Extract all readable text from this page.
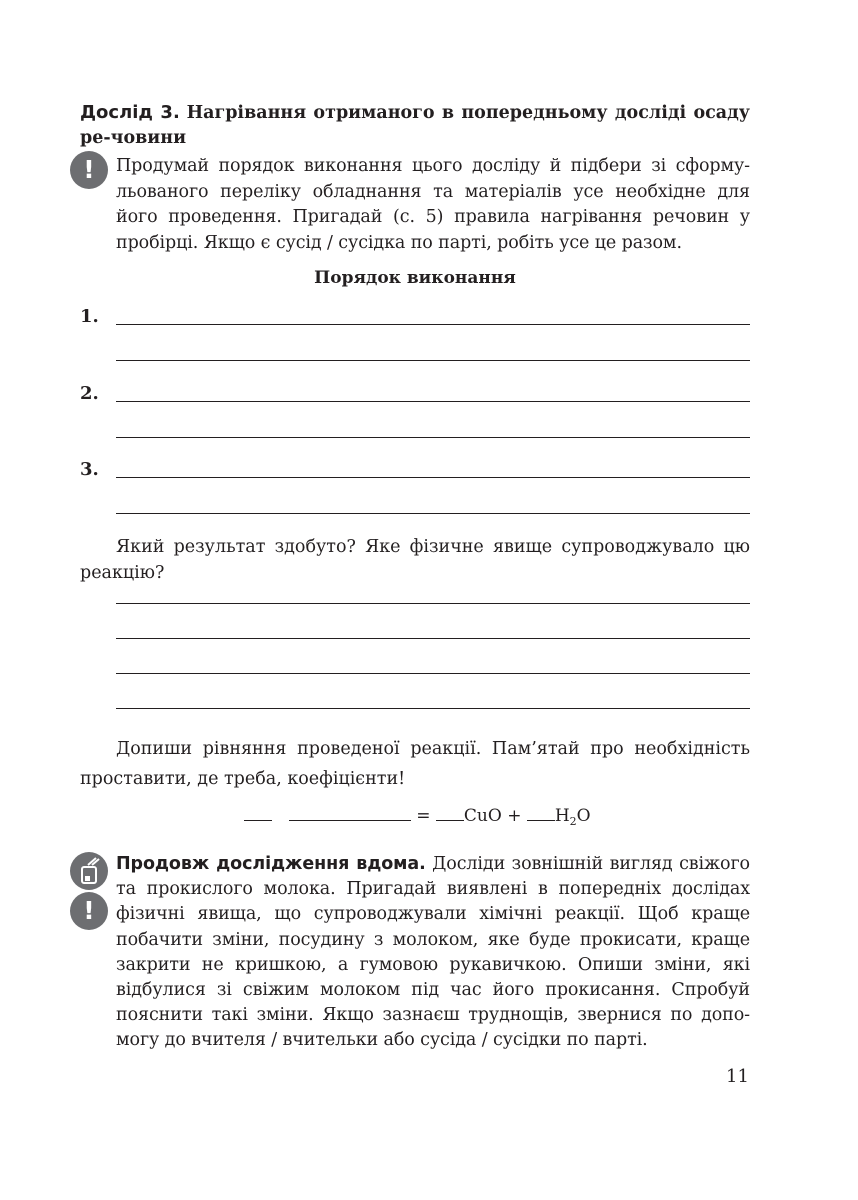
Дослід 3. Нагрівання отриманого в попередньому досліді осаду ре-човини
!	Продумай порядок виконання цього досліду й підбери зі сформу-льованого переліку обладнання та матеріалів усе необхідне для його проведення. Пригадай (с. 5) правила нагрівання речовин у пробірці. Якщо є сусід / сусідка по парті, робіть усе це разом.
Порядок виконання
1.
2.
3.
Який результат здобуто? Яке фізичне явище супроводжувало цю реакцію?
Допиши рівняння проведеної реакції. Пам’ятай про необхідність проставити, де треба, коефіцієнти!
= CuO + $H_2O$
!
Продовж дослідження вдома. Досліди зовнішній вигляд свіжого та прокислого молока. Пригадай виявлені в попередніх дослідах фізичні явища, що супроводжували хімічні реакції. Щоб краще побачити зміни, посудину з молоком, яке буде прокисати, краще закрити не кришкою, а гумовою рукавичкою. Опиши зміни, які відбулися зі свіжим молоком під час його прокисання. Спробуй пояснити такі зміни. Якщо зазнаєш труднощів, звернися по допо-могу до вчителя / вчительки або сусіда / сусідки по парті.
11
